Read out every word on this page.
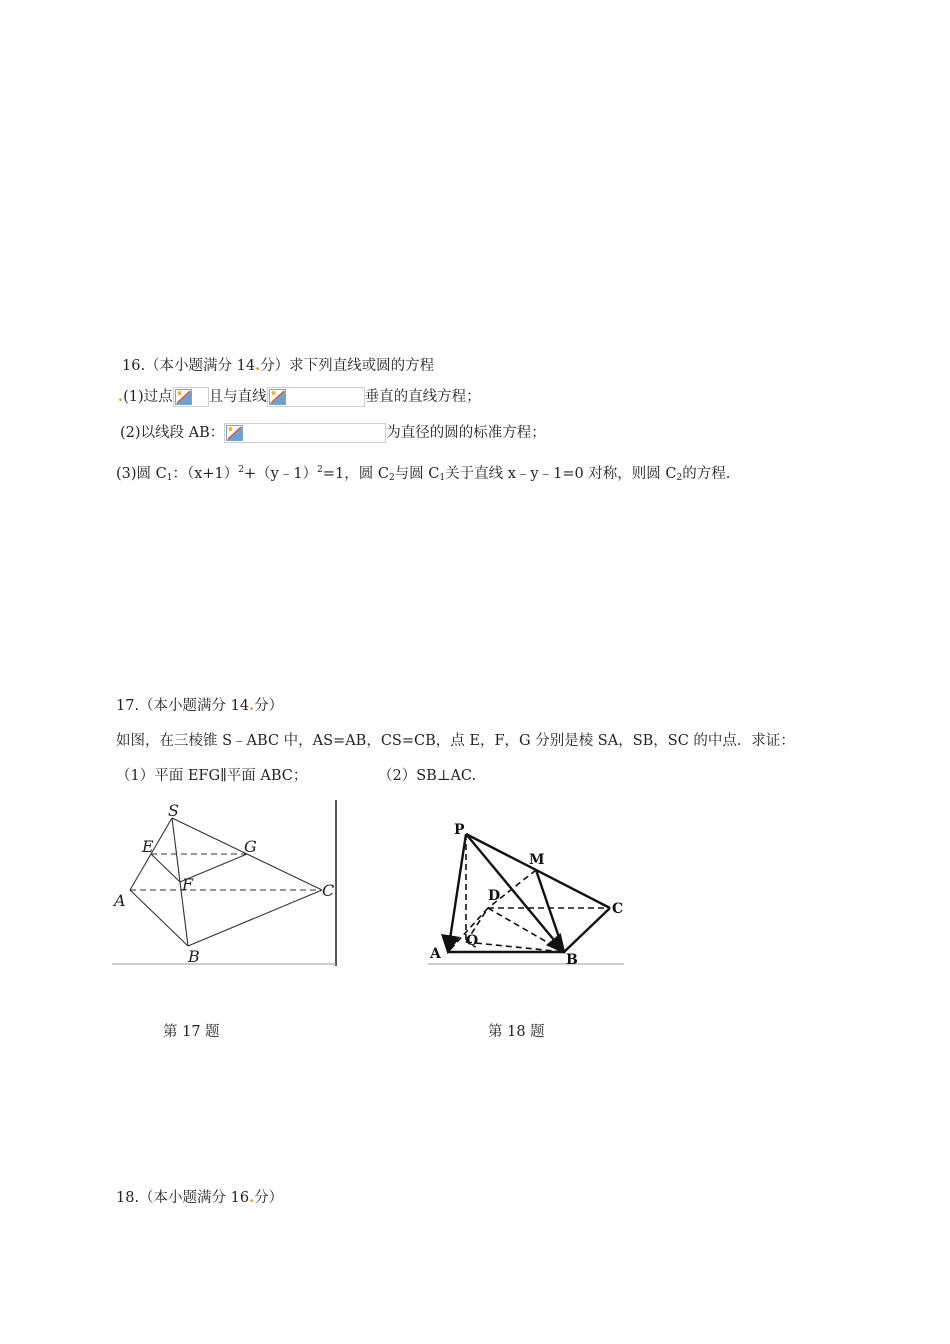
16.（本小题满分 14.分）求下列直线或圆的方程
.(1)过点 且与直线	垂直的直线方程；
(2)以线段 AB：	为直径的圆的标准方程；
(3)圆 $C_1$：$(x+1)^2+(y﹣1)^2=1$，圆 $C_2$与圆 $C_1$关于直线 x﹣y﹣1=0 对称，则圆 $C_2$的方程.
17.（本小题满分 14.分）
如图，在三棱锥 S﹣ABC 中，AS=AB，CS=CB，点 E，F，G 分别是棱 SA，SB，SC 的中点．求证：
（1）平面 EFG∥平面 ABC；	（2）SB⊥AC.
S
E	G
F
A
B
C
P
M
D
C
Q
A	B
第 17 题	第 18 题
18.（本小题满分 16.分）
